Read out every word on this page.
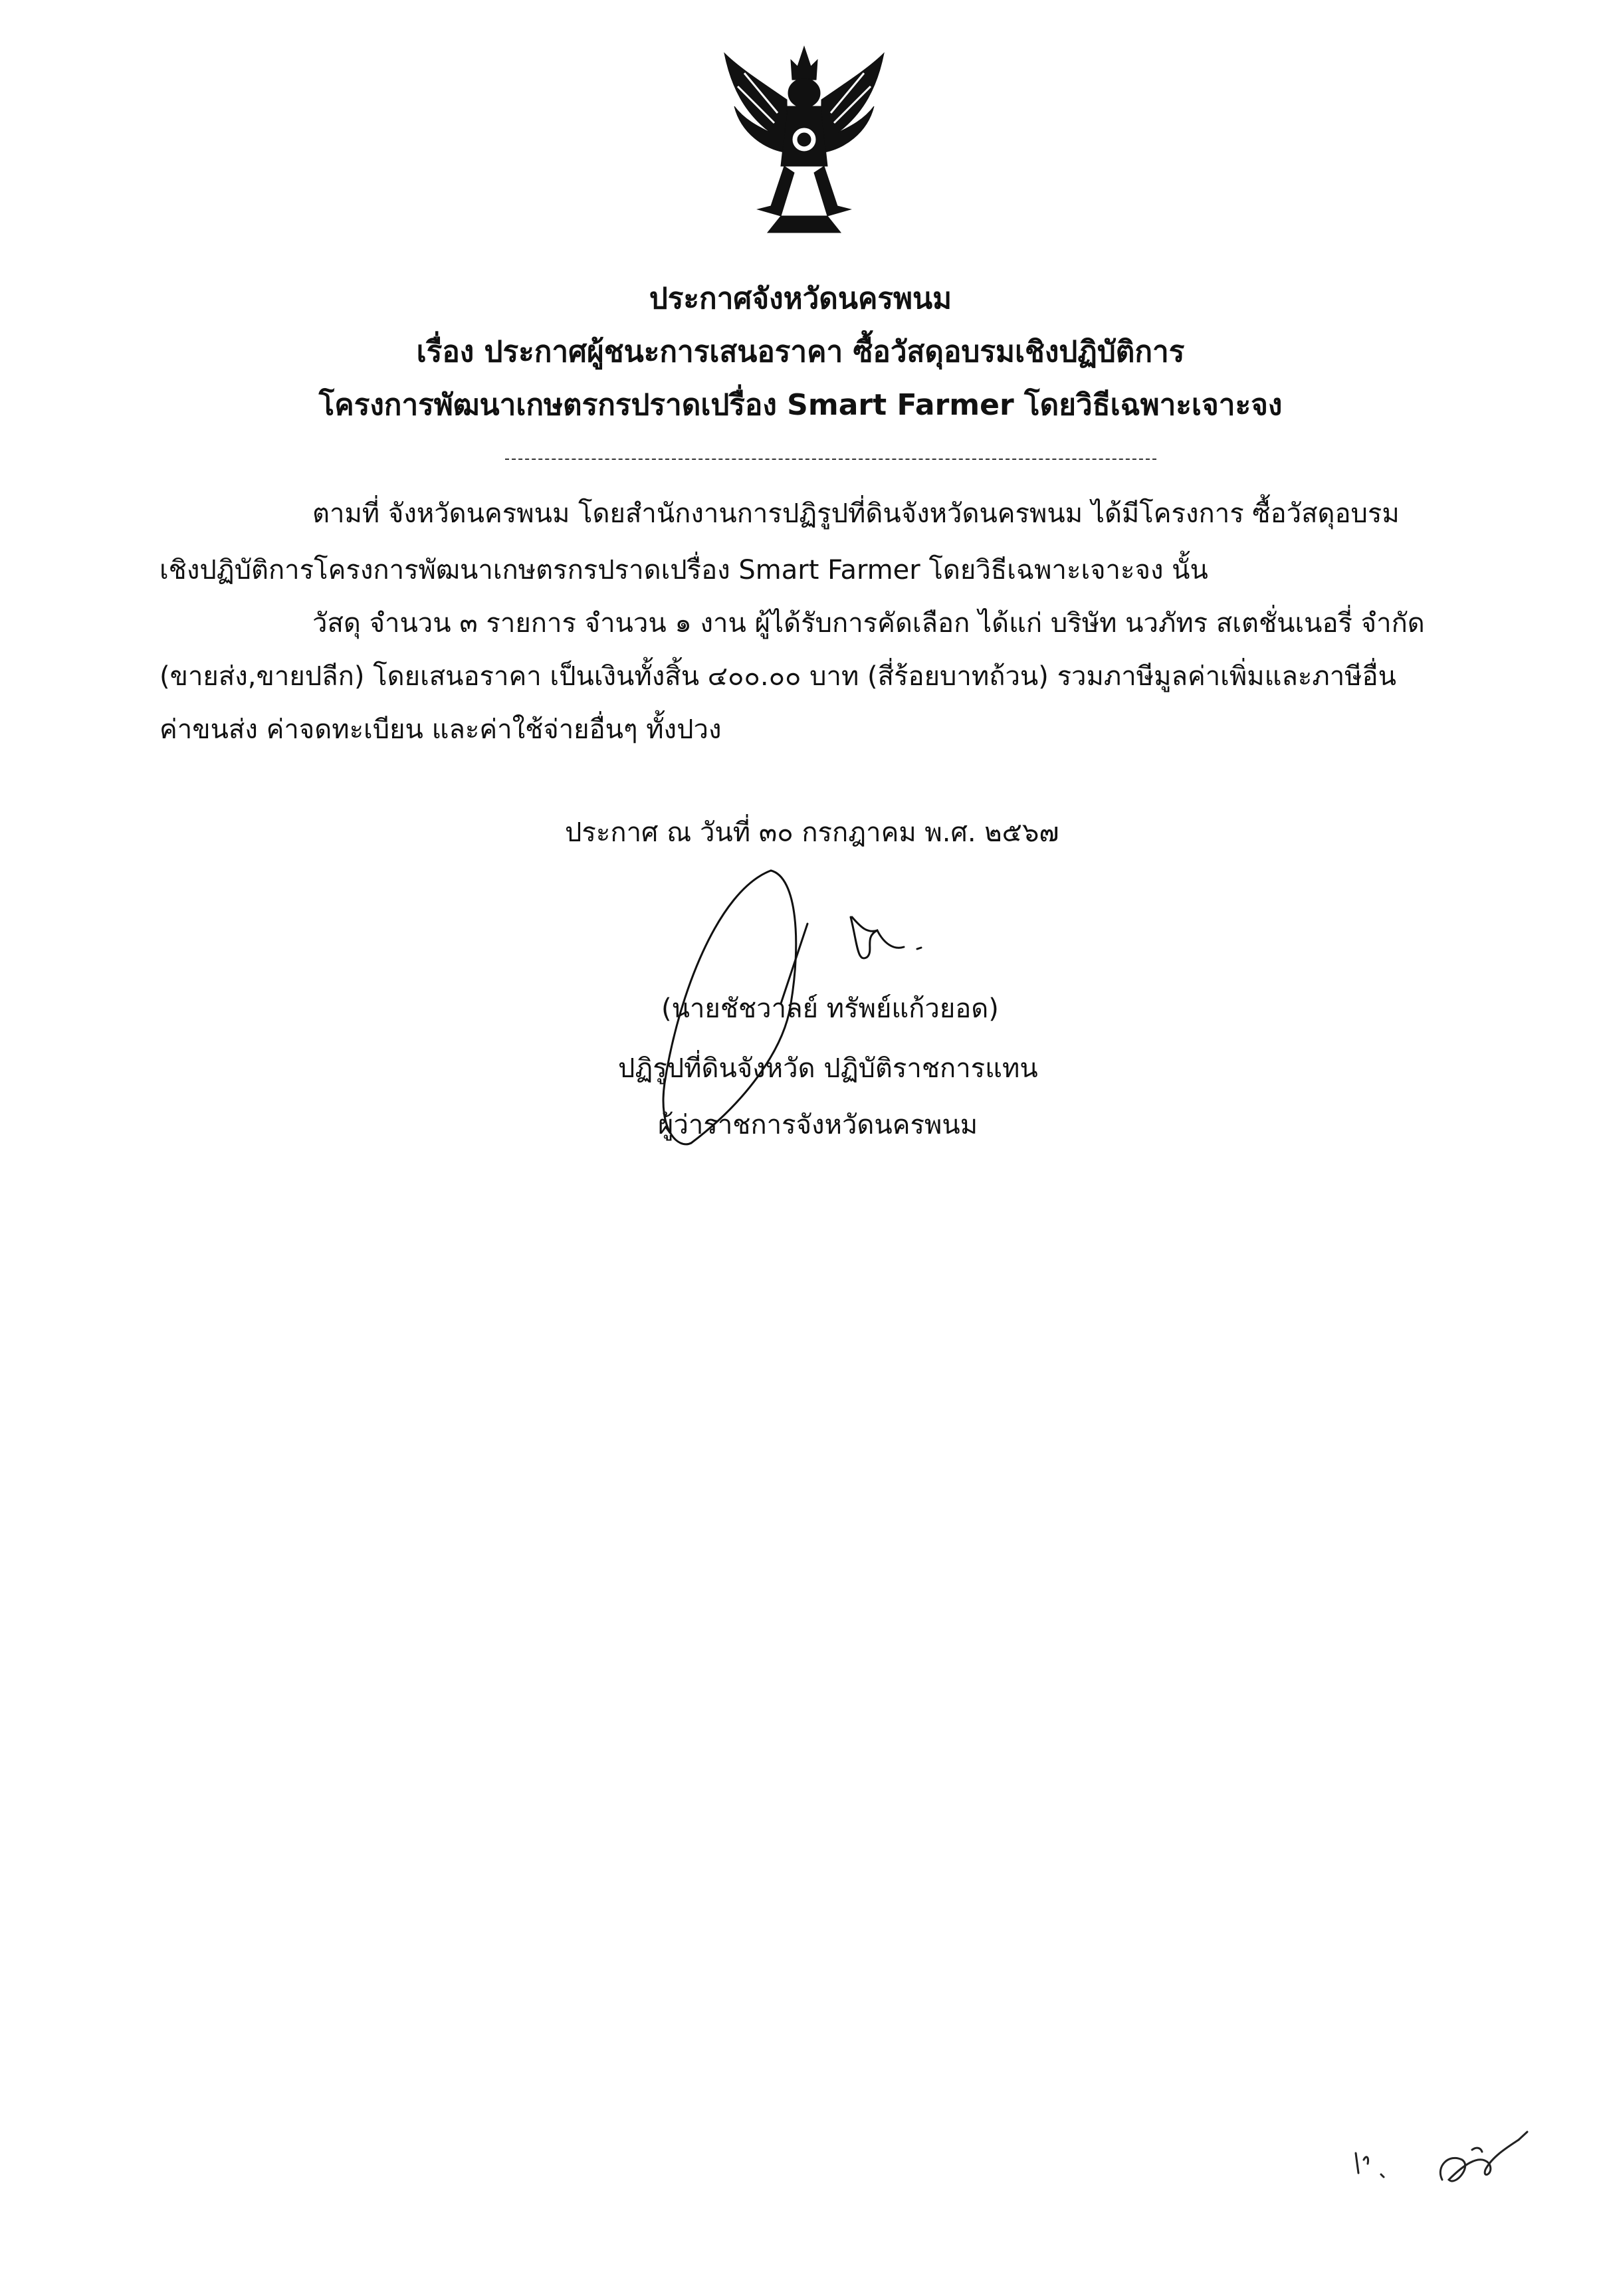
ประกาศจังหวัดนครพนม
เรื่อง ประกาศผู้ชนะการเสนอราคา ซื้อวัสดุอบรมเชิงปฏิบัติการ
โครงการพัฒนาเกษตรกรปราดเปรื่อง Smart Farmer โดยวิธีเฉพาะเจาะจง
ตามที่ จังหวัดนครพนม โดยสำนักงานการปฏิรูปที่ดินจังหวัดนครพนม ได้มีโครงการ ซื้อวัสดุอบรม
เชิงปฏิบัติการโครงการพัฒนาเกษตรกรปราดเปรื่อง Smart Farmer โดยวิธีเฉพาะเจาะจง นั้น
วัสดุ จำนวน ๓ รายการ จำนวน ๑ งาน ผู้ได้รับการคัดเลือก ได้แก่ บริษัท นวภัทร สเตชั่นเนอรี่ จำกัด
(ขายส่ง,ขายปลีก) โดยเสนอราคา เป็นเงินทั้งสิ้น ๔๐๐.๐๐ บาท (สี่ร้อยบาทถ้วน) รวมภาษีมูลค่าเพิ่มและภาษีอื่น
ค่าขนส่ง ค่าจดทะเบียน และค่าใช้จ่ายอื่นๆ ทั้งปวง
ประกาศ ณ วันที่ ๓๐ กรกฎาคม พ.ศ. ๒๕๖๗
(นายชัชวาลย์ ทรัพย์แก้วยอด)
ปฏิรูปที่ดินจังหวัด ปฏิบัติราชการแทน
ผู้ว่าราชการจังหวัดนครพนม
